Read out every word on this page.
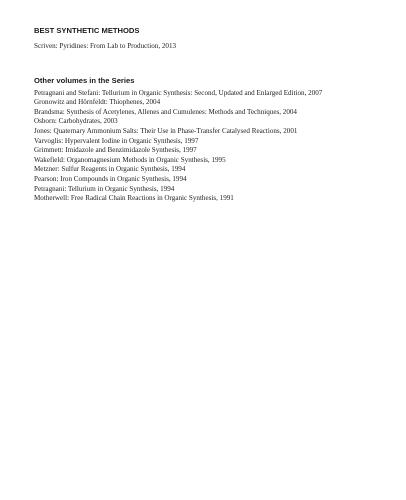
BEST SYNTHETIC METHODS

Scriven: Pyridines: From Lab to Production, 2013

Other volumes in the Series
Petragnani and Stefani: Tellurium in Organic Synthesis: Second, Updated and Enlarged Edition, 2007
Gronowitz and Hörnfeldt: Thiophenes, 2004
Brandsma: Synthesis of Acetylenes, Allenes and Cumulenes: Methods and Techniques, 2004
Osborn: Carbohydrates, 2003
Jones: Quaternary Ammonium Salts: Their Use in Phase-Transfer Catalysed Reactions, 2001
Varvoglis: Hypervalent Iodine in Organic Synthesis, 1997
Grimmett: Imidazole and Benzimidazole Synthesis, 1997
Wakefield: Organomagnesium Methods in Organic Synthesis, 1995
Metzner: Sulfur Reagents in Organic Synthesis, 1994
Pearson: Iron Compounds in Organic Synthesis, 1994
Petragnani: Tellurium in Organic Synthesis, 1994
Motherwell: Free Radical Chain Reactions in Organic Synthesis, 1991
